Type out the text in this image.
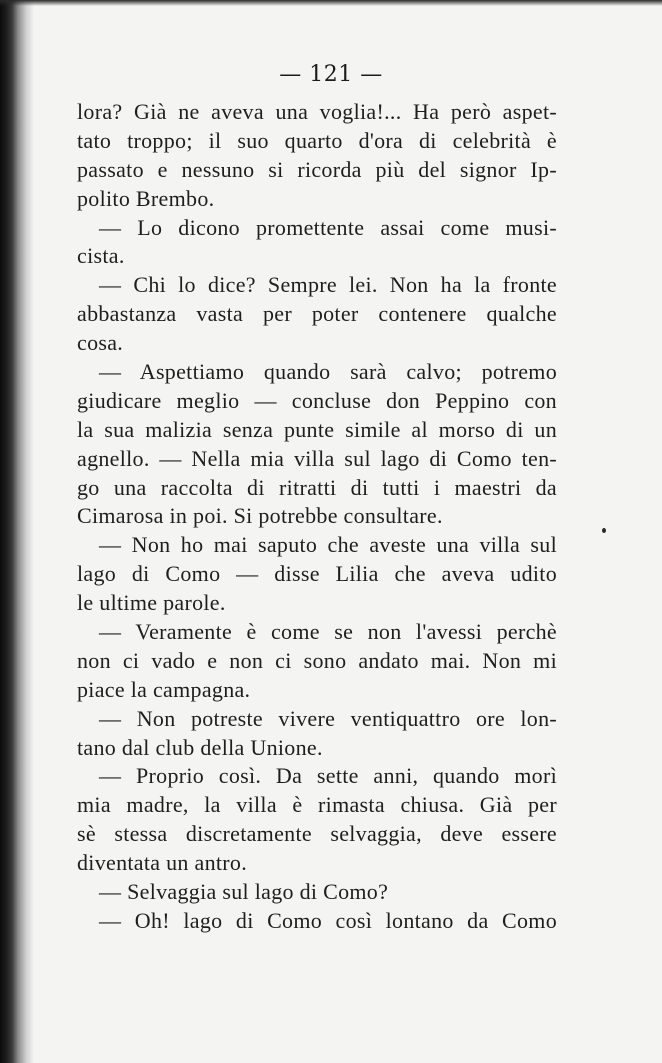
— 121 —
lora? Già ne aveva una voglia!... Ha però aspet-
tato troppo; il suo quarto d'ora di celebrità è
passato e nessuno si ricorda più del signor Ip-
polito Brembo.
— Lo dicono promettente assai come musi-
cista.
— Chi lo dice? Sempre lei. Non ha la fronte
abbastanza vasta per poter contenere qualche
cosa.
— Aspettiamo quando sarà calvo; potremo
giudicare meglio — concluse don Peppino con
la sua malizia senza punte simile al morso di un
agnello. — Nella mia villa sul lago di Como ten-
go una raccolta di ritratti di tutti i maestri da
Cimarosa in poi. Si potrebbe consultare.
— Non ho mai saputo che aveste una villa sul
lago di Como — disse Lilia che aveva udito
le ultime parole.
— Veramente è come se non l'avessi perchè
non ci vado e non ci sono andato mai. Non mi
piace la campagna.
— Non potreste vivere ventiquattro ore lon-
tano dal club della Unione.
— Proprio così. Da sette anni, quando morì
mia madre, la villa è rimasta chiusa. Già per
sè stessa discretamente selvaggia, deve essere
diventata un antro.
— Selvaggia sul lago di Como?
— Oh! lago di Como così lontano da Como
